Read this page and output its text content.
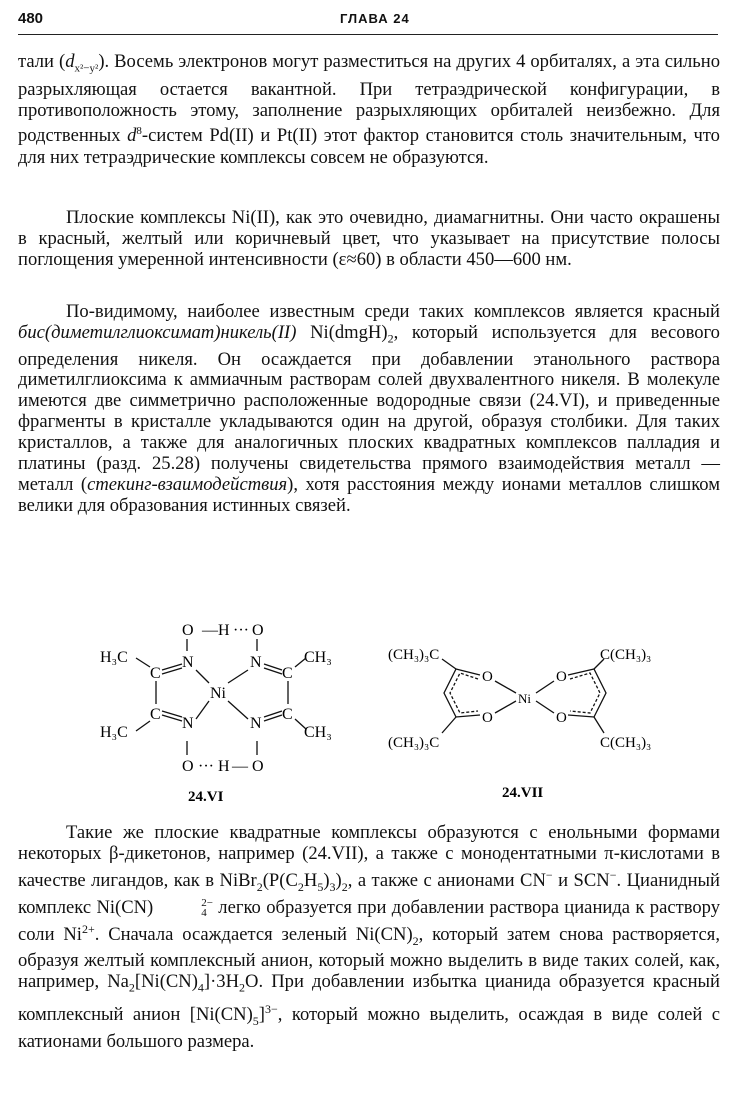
480	ГЛАВА 24

тали $(d_{x^2-y^2})$. Восемь электронов могут разместиться на других 4 орбиталях, а эта сильно разрыхляющая остается вакантной. При тетраэдрической конфигурации, в противоположность этому, заполнение разрыхляющих орбиталей неизбежно. Для родственных $d^8$-систем Pd(II) и Pt(II) этот фактор становится столь значительным, что для них тетраэдрические комплексы совсем не образуются.

Плоские комплексы Ni(II), как это очевидно, диамагнитны. Они часто окрашены в красный, желтый или коричневый цвет, что указывает на присутствие полосы поглощения умеренной интенсивности (ε≈60) в области 450—600 нм.

По-видимому, наиболее известным среди таких комплексов является красный бис(диметилглиоксимат)никель(II) $Ni(dmgH)_2$, который используется для весового определения никеля. Он осаждается при добавлении этанольного раствора диметилглиоксима к аммиачным растворам солей двухвалентного никеля. В молекуле имеются две симметрично расположенные водородные связи (24.VI), и приведенные фрагменты в кристалле укладываются один на другой, образуя столбики. Для таких кристаллов, а также для аналогичных плоских квадратных комплексов палладия и платины (разд. 25.28) получены свидетельства прямого взаимодействия металл — металл (стекинг-взаимодействия), хотя расстояния между ионами металлов слишком велики для образования истинных связей.

O — H ··· O
H₃C
C
N	N
C
CH₃
Ni
C
N	N
C
H₃C	CH₃
O ··· H — O
24.VI
(CH₃)₃C
(CH₃)₃C
C(CH₃)₃
C(CH₃)₃
O
O
O
O
Ni
24.VII

Такие же плоские квадратные комплексы образуются с енольными формами некоторых β-дикетонов, например (24.VII), а также с монодентатными π-кислотами в качестве лигандов, как в $NiBr_2(P(C_2H_5)_3)_2$, а также с анионами CN− и SCN−. Цианидный комплекс Ni(CN)	2−
4 легко образуется при добавлении раствора цианида к раствору соли $Ni^{2+}$. Сначала осаждается зеленый $Ni(CN)_2$, который затем снова растворяется, образуя желтый комплексный анион, который можно выделить в виде таких солей, как, например, $Na_2[Ni(CN)_4]\cdot 3H_2O$. При добавлении избытка цианида образуется красный комплексный анион $[Ni(CN)_5]^{3-}$, который можно выделить, осаждая в виде солей с катионами большого размера.
